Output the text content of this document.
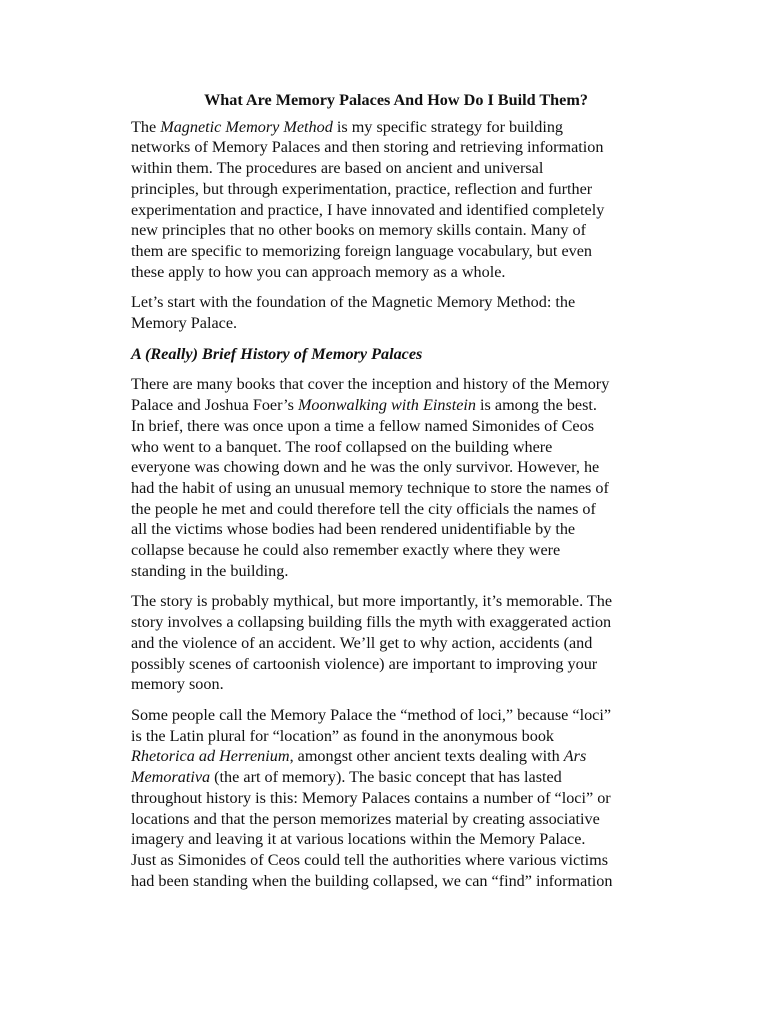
What Are Memory Palaces And How Do I Build Them?

The Magnetic Memory Method is my specific strategy for building
networks of Memory Palaces and then storing and retrieving information
within them. The procedures are based on ancient and universal
principles, but through experimentation, practice, reflection and further
experimentation and practice, I have innovated and identified completely
new principles that no other books on memory skills contain. Many of
them are specific to memorizing foreign language vocabulary, but even
these apply to how you can approach memory as a whole.

Let’s start with the foundation of the Magnetic Memory Method: the
Memory Palace.

A (Really) Brief History of Memory Palaces

There are many books that cover the inception and history of the Memory
Palace and Joshua Foer’s Moonwalking with Einstein is among the best.
In brief, there was once upon a time a fellow named Simonides of Ceos
who went to a banquet. The roof collapsed on the building where
everyone was chowing down and he was the only survivor. However, he
had the habit of using an unusual memory technique to store the names of
the people he met and could therefore tell the city officials the names of
all the victims whose bodies had been rendered unidentifiable by the
collapse because he could also remember exactly where they were
standing in the building.

The story is probably mythical, but more importantly, it’s memorable. The
story involves a collapsing building fills the myth with exaggerated action
and the violence of an accident. We’ll get to why action, accidents (and
possibly scenes of cartoonish violence) are important to improving your
memory soon.

Some people call the Memory Palace the “method of loci,” because “loci”
is the Latin plural for “location” as found in the anonymous book
Rhetorica ad Herrenium, amongst other ancient texts dealing with Ars
Memorativa (the art of memory). The basic concept that has lasted
throughout history is this: Memory Palaces contains a number of “loci” or
locations and that the person memorizes material by creating associative
imagery and leaving it at various locations within the Memory Palace.
Just as Simonides of Ceos could tell the authorities where various victims
had been standing when the building collapsed, we can “find” information
